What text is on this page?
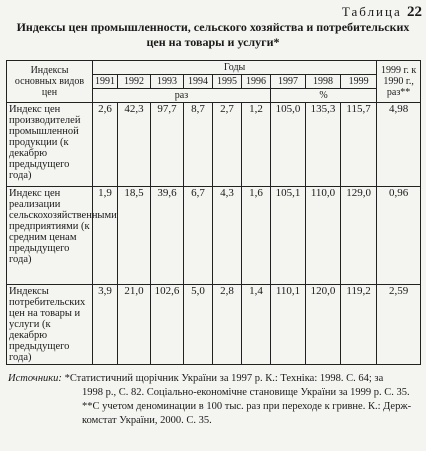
Таблица 22
Индексы цен промышленности, сельского хозяйства и потребительских цен на товары и услуги*
Индексы основных видов цен	Годы									1999 г. к 1990 г., раз**
	1991	1992	1993	1994	1995	1996	1997	1998	1999	
	раз						%			
Индекс цен производителей промышленной продукции (к декабрю предыдущего года)	2,6	42,3	97,7	8,7	2,7	1,2	105,0	135,3	115,7	4,98
Индекс цен реализации сельскохозяйственными предприятиями (к средним ценам предыдущего года)	1,9	18,5	39,6	6,7	4,3	1,6	105,1	110,0	129,0	0,96
Индексы потребительских цен на товары и услуги (к декабрю предыдущего года)	3,9	21,0	102,6	5,0	2,8	1,4	110,1	120,0	119,2	2,59
Источники: *Статистичний щорічник України за 1997 р. К.: Техніка: 1998. С. 64; за
1998 р., С. 82. Соціально-економічне становище України за 1999 р. С. 35.
**С учетом деноминации в 100 тыс. раз при переходе к гривне. К.: Держ-
комстат України, 2000. С. 35.
